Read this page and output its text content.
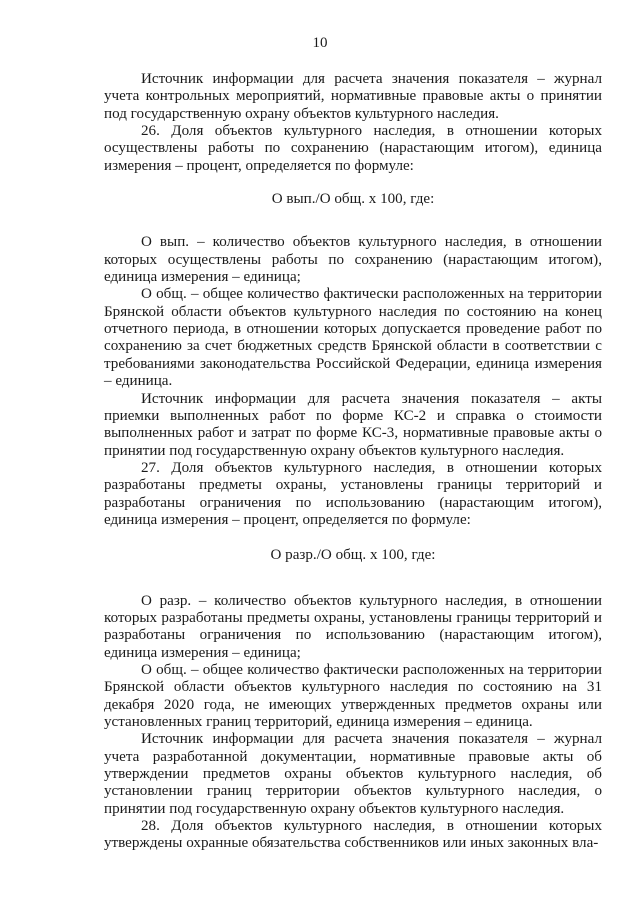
10

Источник информации для расчета значения показателя – журнал учета контрольных мероприятий, нормативные правовые акты о принятии под государственную охрану объектов культурного наследия.

26. Доля объектов культурного наследия, в отношении которых осуществлены работы по сохранению (нарастающим итогом), единица измерения – процент, определяется по формуле:

О вып./О общ. х 100, где:

О вып. – количество объектов культурного наследия, в отношении которых осуществлены работы по сохранению (нарастающим итогом), единица измерения – единица;

О общ. – общее количество фактически расположенных на территории Брянской области объектов культурного наследия по состоянию на конец отчетного периода, в отношении которых допускается проведение работ по сохранению за счет бюджетных средств Брянской области в соответствии с требованиями законодательства Российской Федерации, единица измерения – единица.

Источник информации для расчета значения показателя – акты приемки выполненных работ по форме КС-2 и справка о стоимости выполненных работ и затрат по форме КС-3, нормативные правовые акты о принятии под государственную охрану объектов культурного наследия.

27. Доля объектов культурного наследия, в отношении которых разработаны предметы охраны, установлены границы территорий и разработаны ограничения по использованию (нарастающим итогом), единица измерения – процент, определяется по формуле:

О разр./О общ. х 100, где:

О разр. – количество объектов культурного наследия, в отношении которых разработаны предметы охраны, установлены границы территорий и разработаны ограничения по использованию (нарастающим итогом), единица измерения – единица;

О общ. – общее количество фактически расположенных на территории Брянской области объектов культурного наследия по состоянию на 31 декабря 2020 года, не имеющих утвержденных предметов охраны или установленных границ территорий, единица измерения – единица.

Источник информации для расчета значения показателя – журнал учета разработанной документации, нормативные правовые акты об утверждении предметов охраны объектов культурного наследия, об установлении границ территории объектов культурного наследия, о принятии под государственную охрану объектов культурного наследия.

28. Доля объектов культурного наследия, в отношении которых утверждены охранные обязательства собственников или иных законных вла-
